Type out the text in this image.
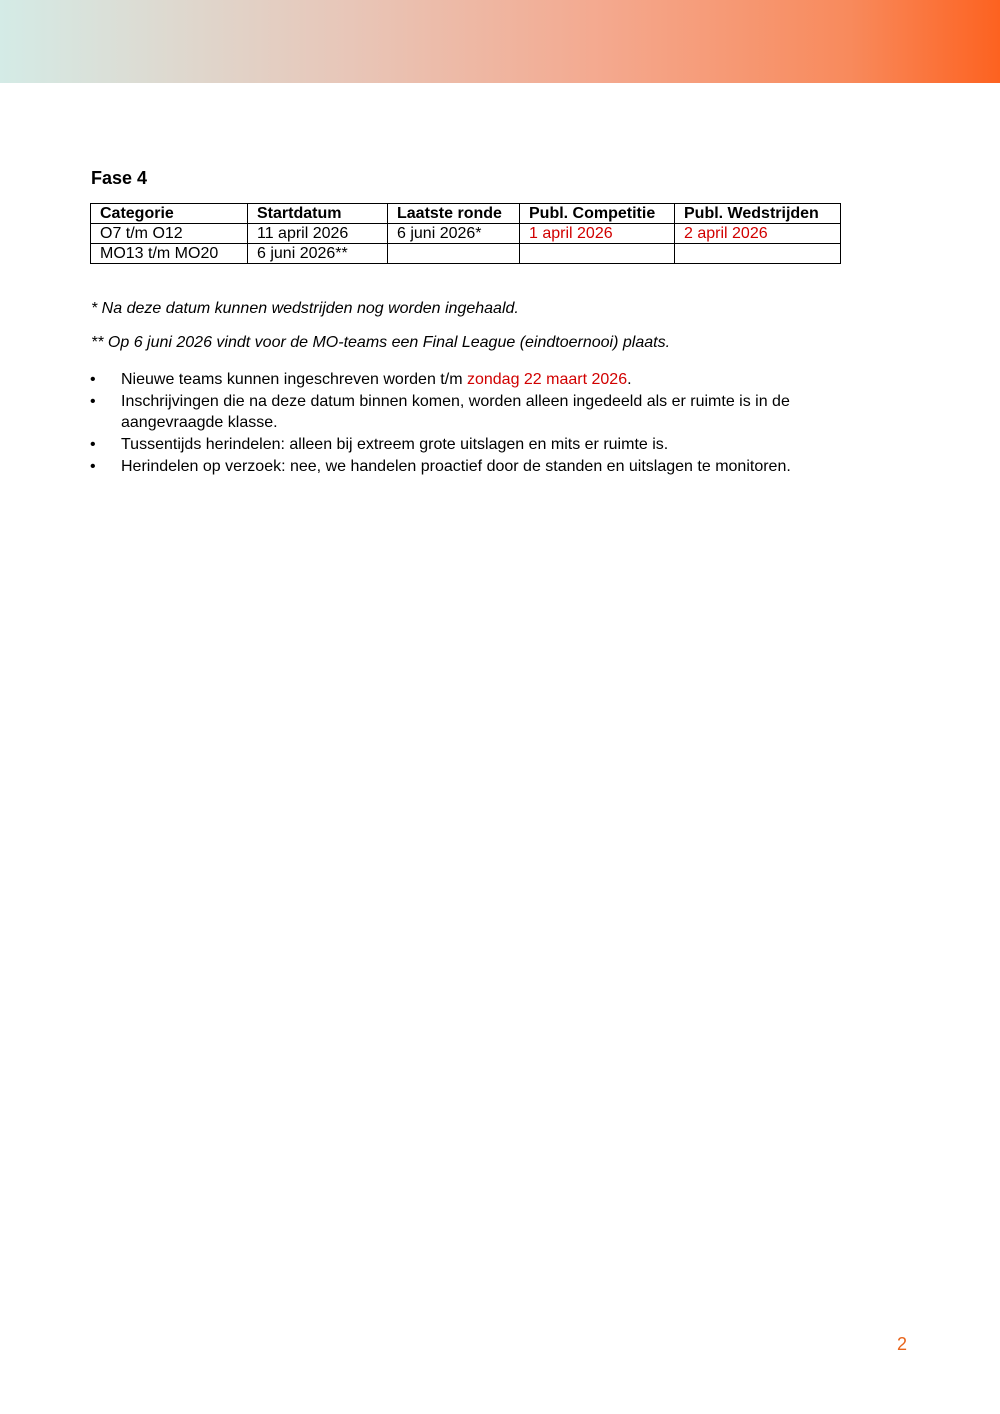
Fase 4
Categorie	Startdatum	Laatste ronde	Publ. Competitie	Publ. Wedstrijden
O7 t/m O12	11 april 2026	6 juni 2026*	1 april 2026	2 april 2026
MO13 t/m MO20	6 juni 2026**			
* Na deze datum kunnen wedstrijden nog worden ingehaald.
** Op 6 juni 2026 vindt voor de MO-teams een Final League (eindtoernooi) plaats.
• Nieuwe teams kunnen ingeschreven worden t/m zondag 22 maart 2026.
• Inschrijvingen die na deze datum binnen komen, worden alleen ingedeeld als er ruimte is in de aangevraagde klasse.
• Tussentijds herindelen: alleen bij extreem grote uitslagen en mits er ruimte is.
• Herindelen op verzoek: nee, we handelen proactief door de standen en uitslagen te monitoren.
2
